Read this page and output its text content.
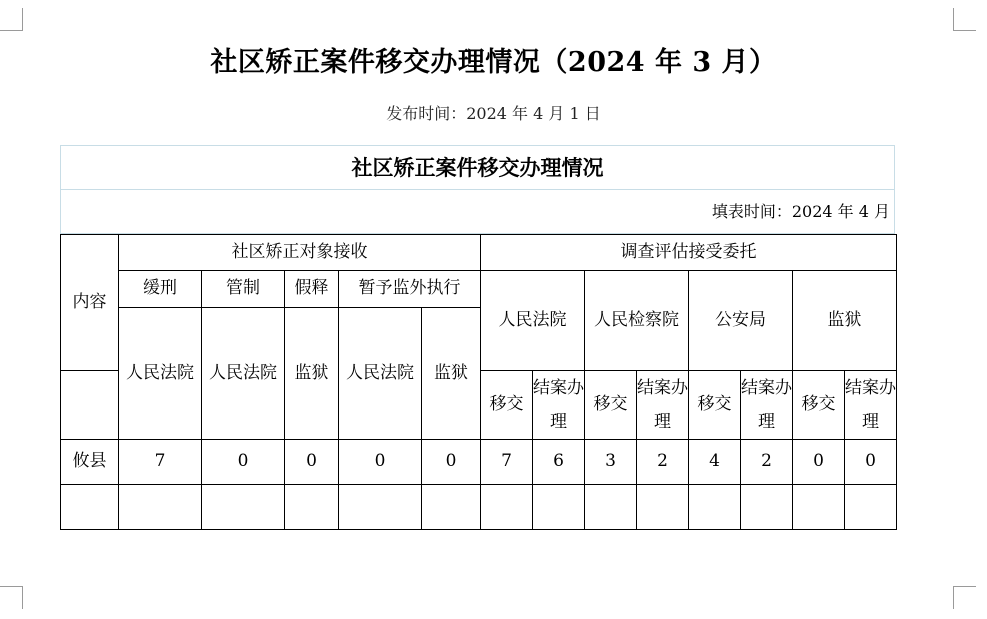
社区矫正案件移交办理情况（2024 年 3 月）
发布时间：2024 年 4 月 1 日
社区矫正案件移交办理情况
填表时间：2024 年 4 月
内容	社区矫正对象接收					调查评估接受委托							
	缓刑	管制	假释	暂予监外执行		人民法院		人民检察院		公安局		监狱	
	人民法院	人民法院	监狱	人民法院	监狱								
						移交	结案办理	移交	结案办理	移交	结案办理	移交	结案办理
攸县	7	0	0	0	0	7	6	3	2	4	2	0	0
